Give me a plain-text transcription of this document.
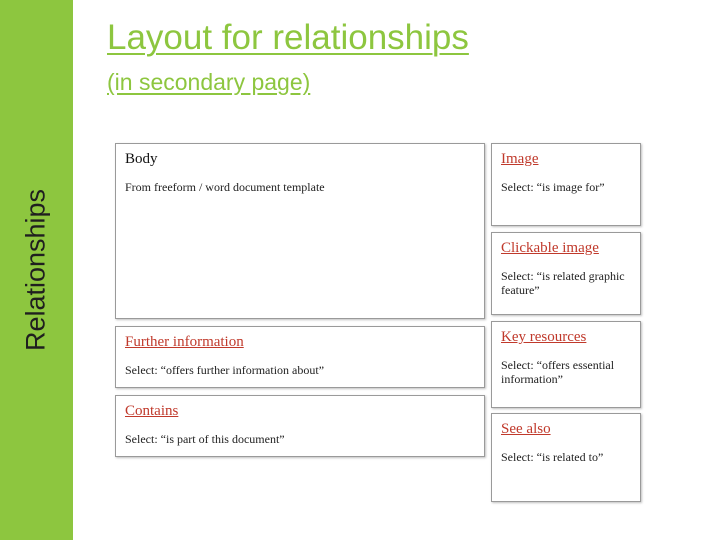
Relationships
Layout for relationships
(in secondary page)
Body
From freeform / word document template
Further information
Select: “offers further information about”
Contains
Select: “is part of this document”
Image
Select: “is image for”
Clickable image
Select: “is related graphic feature”
Key resources
Select: “offers essential information”
See also
Select: “is related to”
